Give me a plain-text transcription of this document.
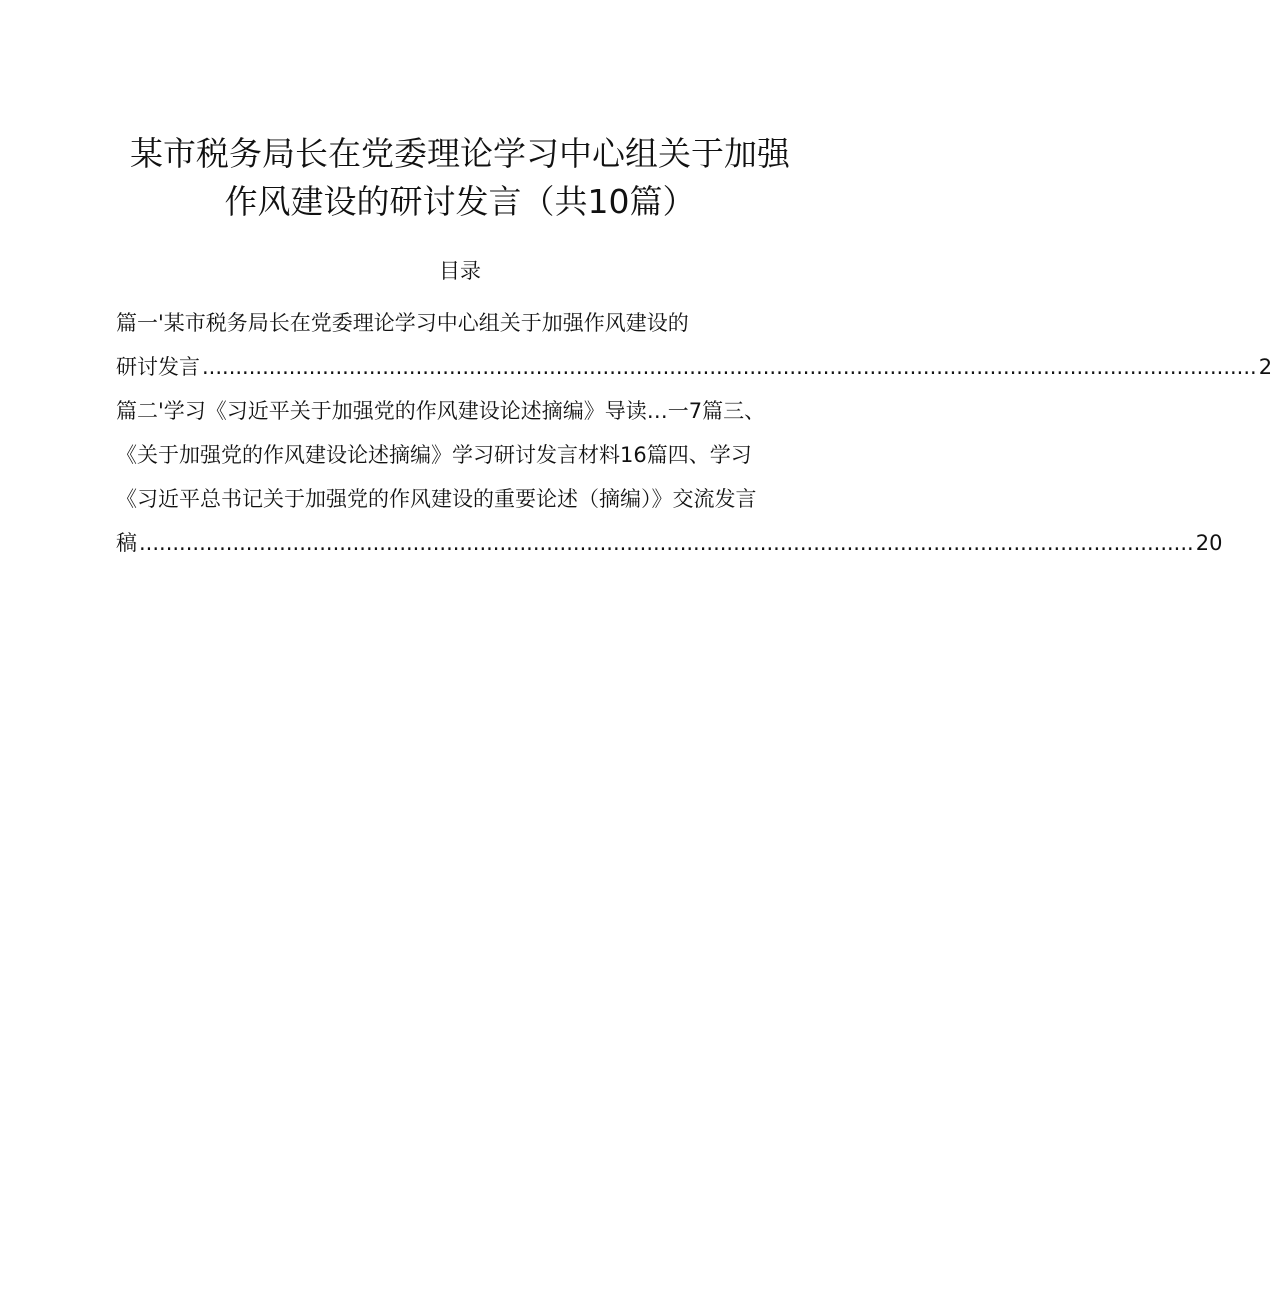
某市税务局长在党委理论学习中心组关于加强
作风建设的研讨发言（共10篇）
目录
篇一'某市税务局长在党委理论学习中心组关于加强作风建设的
研讨发言 .............................................................................................................................................................. 2
篇二'学习《习近平关于加强党的作风建设论述摘编》导读…一7篇三、
《关于加强党的作风建设论述摘编》学习研讨发言材料16篇四、学习
《习近平总书记关于加强党的作风建设的重要论述（摘编）》交流发言
稿 .............................................................................................................................................................. 20
